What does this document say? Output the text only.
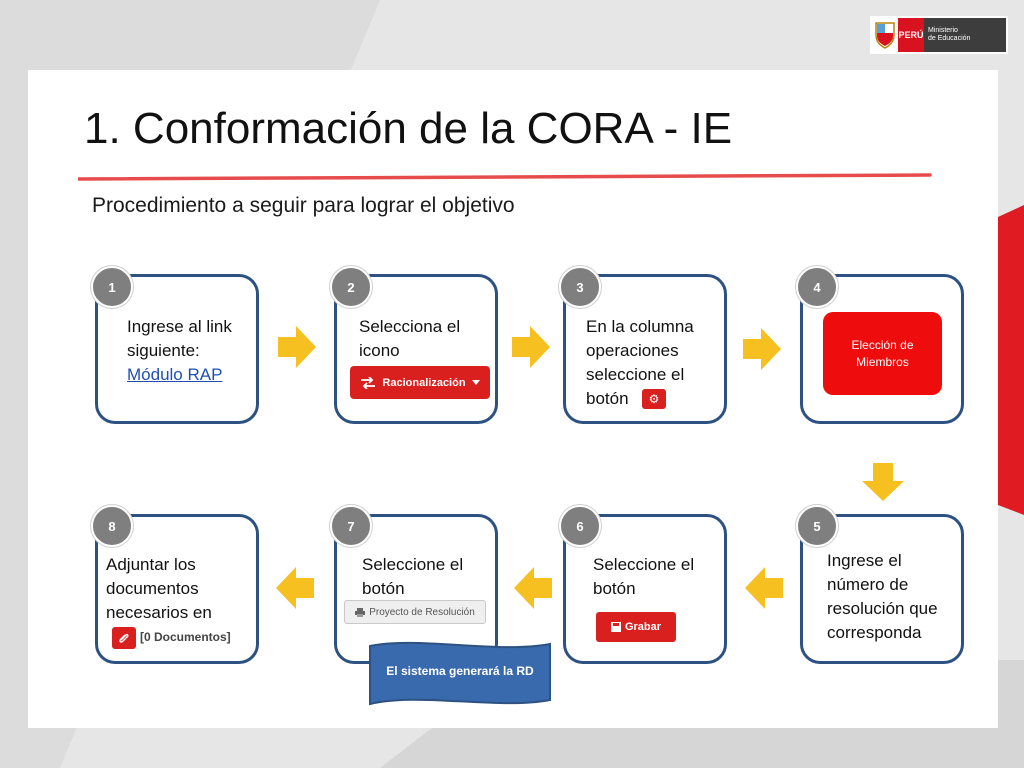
PERÚ Ministerio
de Educación
1. Conformación de la CORA - IE
Procedimiento a seguir para lograr el objetivo
1	2	3	4
5
6
7
8
Ingrese al link
siguiente:
Módulo RAP
Selecciona el
icono
Racionalización
En la columna
operaciones
seleccione el
botón	⚙
Elección de
Miembros
Ingrese el
número de
resolución que
corresponda
Seleccione el
botón
Grabar
Seleccione el
botón
Proyecto de Resolución
Adjuntar los
documentos
necesarios en
[0 Documentos]
El sistema generará la RD
